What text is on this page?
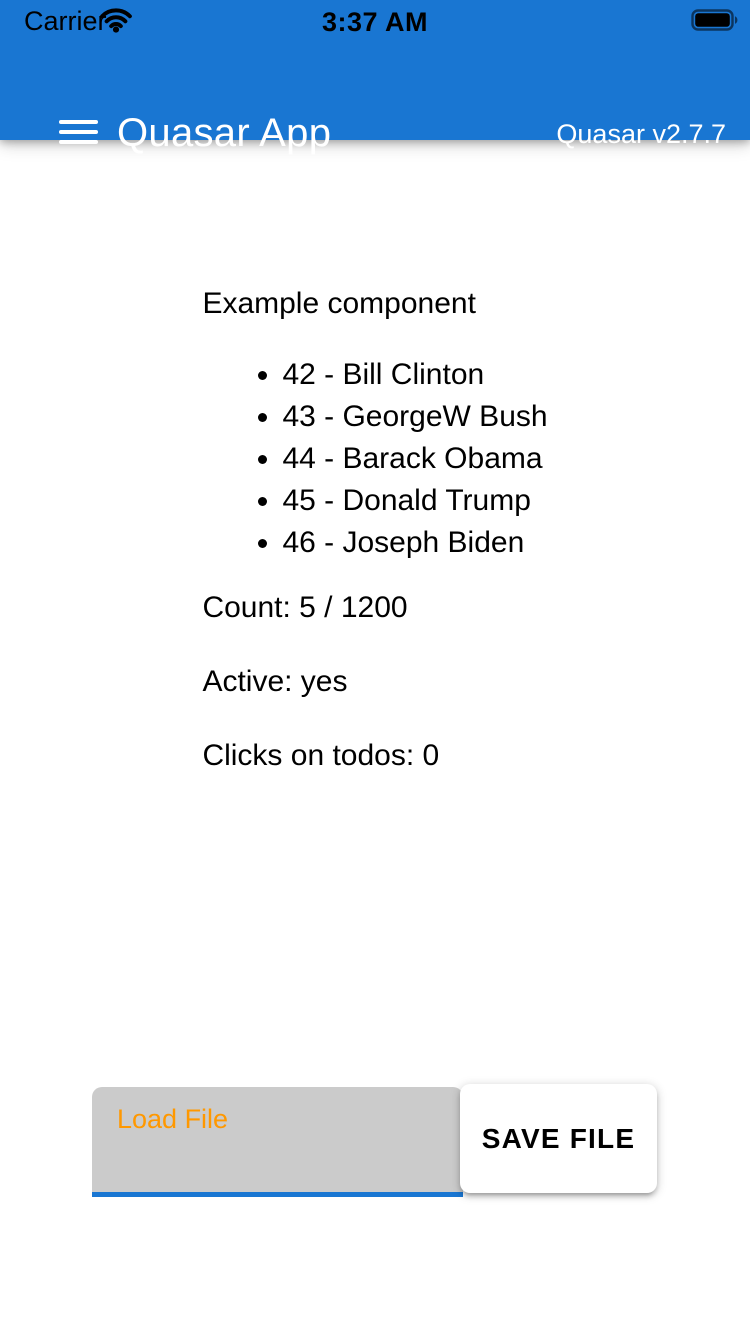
Carrier	3:37 AM
Quasar App	Quasar v2.7.7
Example component
• 42 - Bill Clinton
• 43 - GeorgeW Bush
• 44 - Barack Obama
• 45 - Donald Trump
• 46 - Joseph Biden

Count: 5 / 1200

Active: yes

Clicks on todos: 0

Load File
SAVE FILE
